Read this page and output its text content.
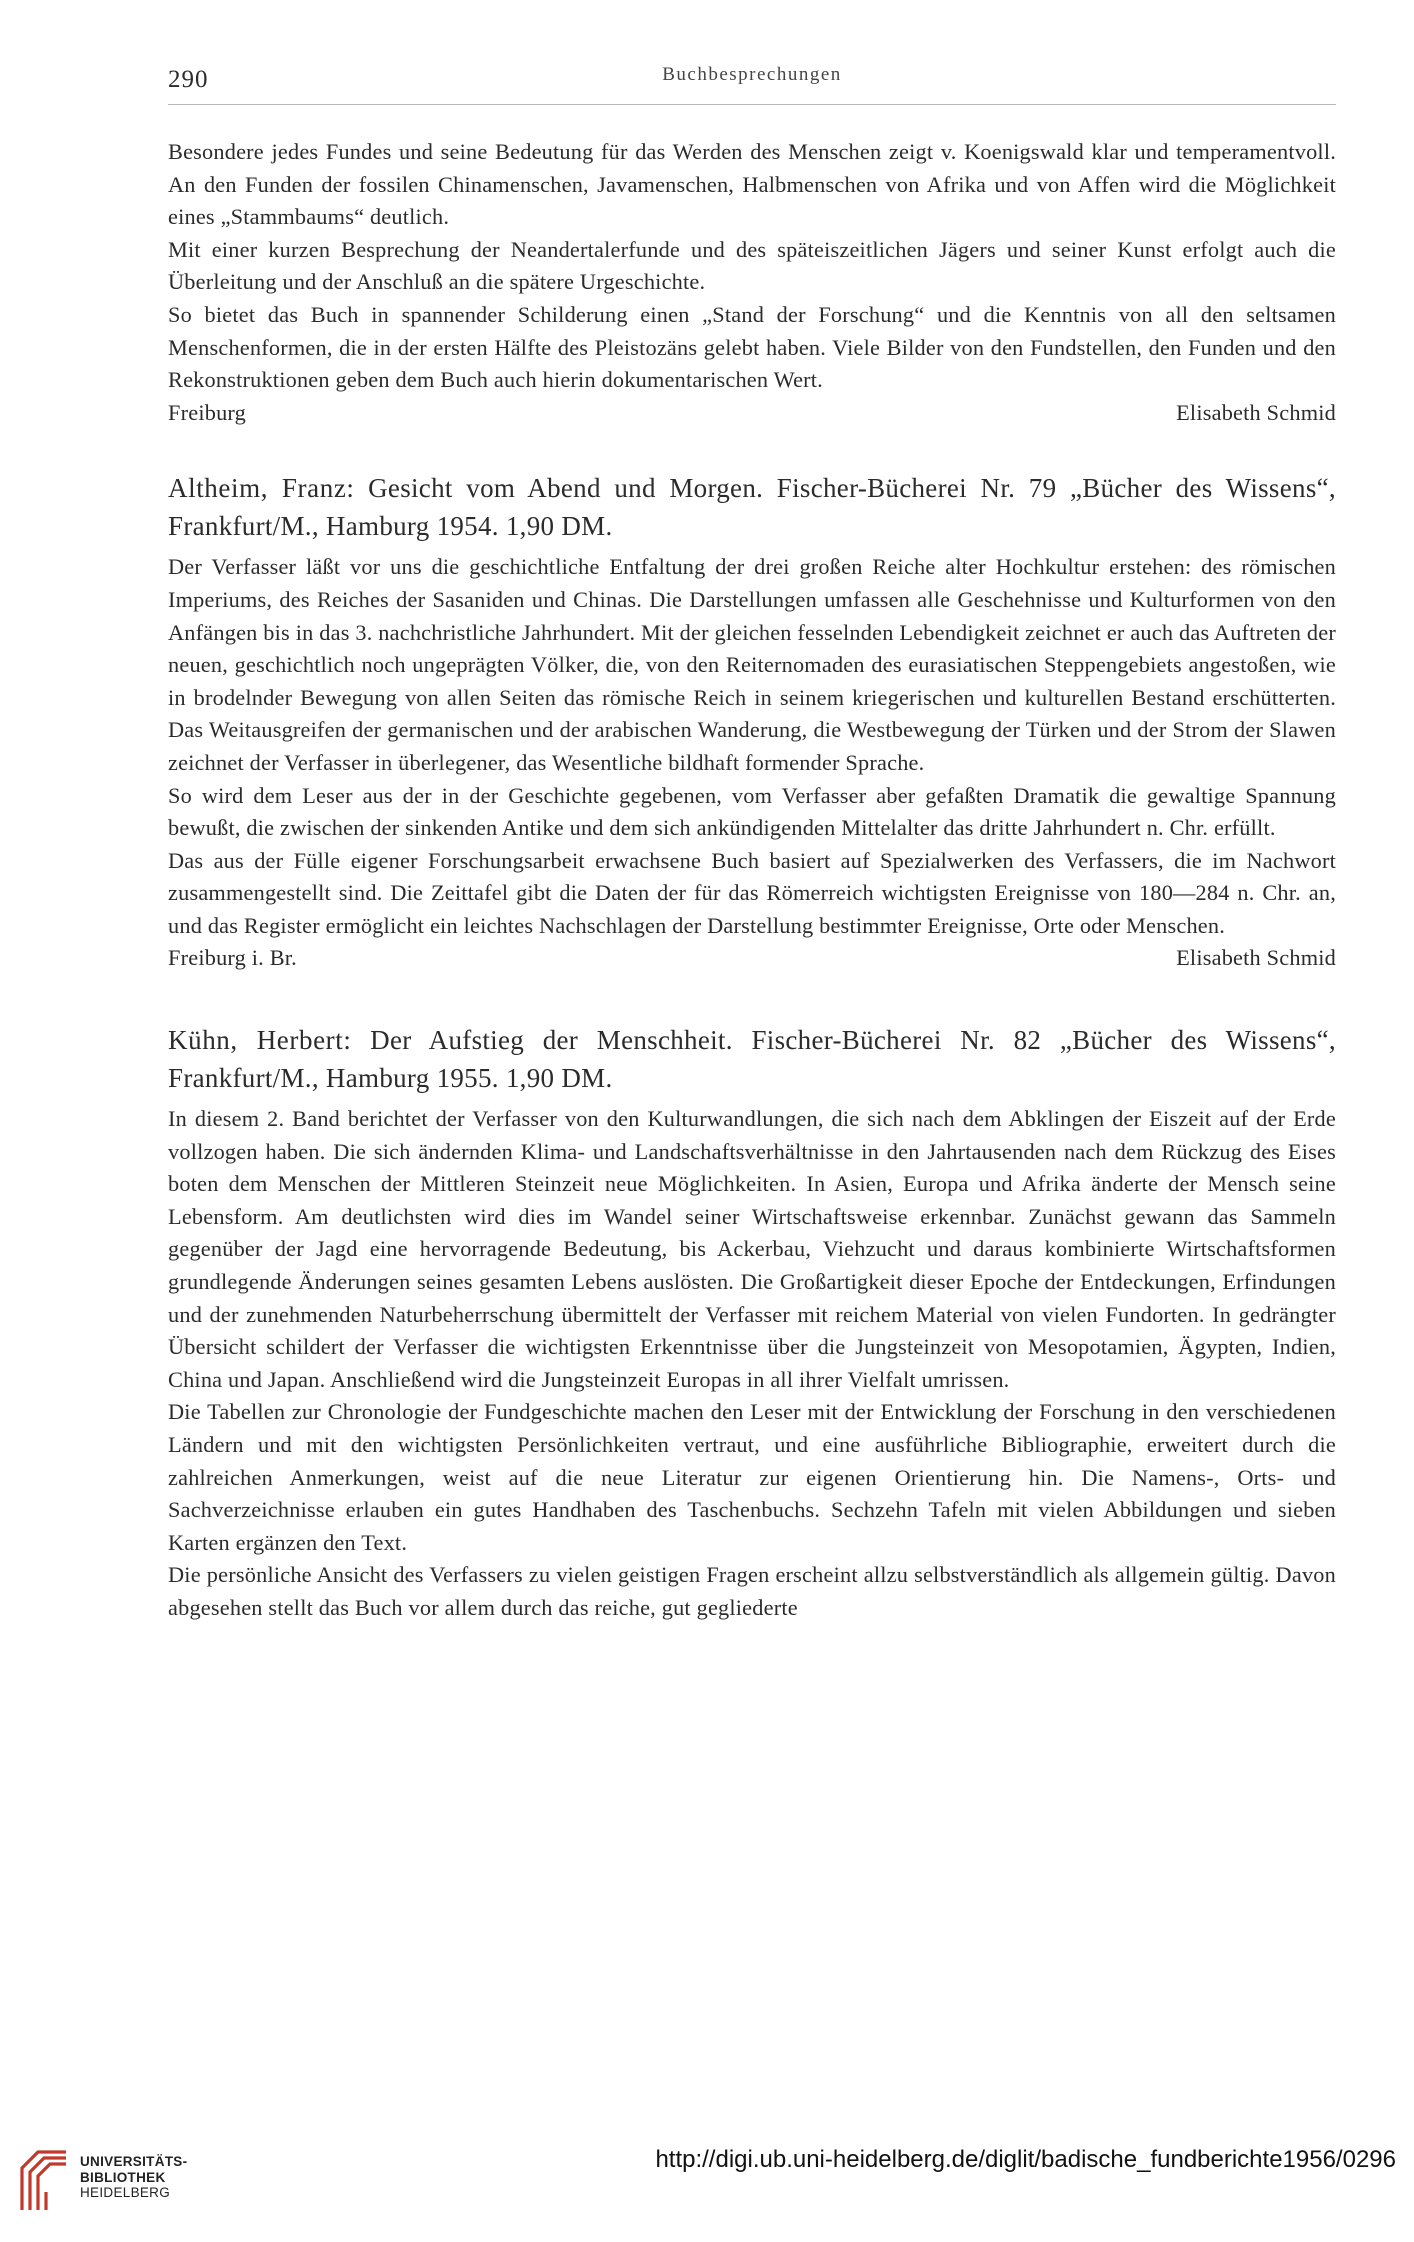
290	Buchbesprechungen

Besondere jedes Fundes und seine Bedeutung für das Werden des Menschen zeigt v. Koenigswald klar und temperamentvoll. An den Funden der fossilen Chinamenschen, Javamenschen, Halbmenschen von Afrika und von Affen wird die Möglichkeit eines „Stammbaums“ deutlich.

Mit einer kurzen Besprechung der Neandertalerfunde und des späteiszeitlichen Jägers und seiner Kunst erfolgt auch die Überleitung und der Anschluß an die spätere Urgeschichte.

So bietet das Buch in spannender Schilderung einen „Stand der Forschung“ und die Kenntnis von all den seltsamen Menschenformen, die in der ersten Hälfte des Pleistozäns gelebt haben. Viele Bilder von den Fundstellen, den Funden und den Rekonstruktionen geben dem Buch auch hierin dokumentarischen Wert.

Freiburg	Elisabeth Schmid

Altheim, Franz: Gesicht vom Abend und Morgen. Fischer-Bücherei Nr. 79 „Bücher des Wissens“, Frankfurt/M., Hamburg 1954. 1,90 DM.

Der Verfasser läßt vor uns die geschichtliche Entfaltung der drei großen Reiche alter Hochkultur erstehen: des römischen Imperiums, des Reiches der Sasaniden und Chinas. Die Darstellungen umfassen alle Geschehnisse und Kulturformen von den Anfängen bis in das 3. nachchristliche Jahrhundert. Mit der gleichen fesselnden Lebendigkeit zeichnet er auch das Auftreten der neuen, geschichtlich noch ungeprägten Völker, die, von den Reiternomaden des eurasiatischen Steppengebiets angestoßen, wie in brodelnder Bewegung von allen Seiten das römische Reich in seinem kriegerischen und kulturellen Bestand erschütterten. Das Weitausgreifen der germanischen und der arabischen Wanderung, die Westbewegung der Türken und der Strom der Slawen zeichnet der Verfasser in überlegener, das Wesentliche bildhaft formender Sprache.

So wird dem Leser aus der in der Geschichte gegebenen, vom Verfasser aber gefaßten Dramatik die gewaltige Spannung bewußt, die zwischen der sinkenden Antike und dem sich ankündigenden Mittelalter das dritte Jahrhundert n. Chr. erfüllt.

Das aus der Fülle eigener Forschungsarbeit erwachsene Buch basiert auf Spezialwerken des Verfassers, die im Nachwort zusammengestellt sind. Die Zeittafel gibt die Daten der für das Römerreich wichtigsten Ereignisse von 180—284 n. Chr. an, und das Register ermöglicht ein leichtes Nachschlagen der Darstellung bestimmter Ereignisse, Orte oder Menschen.

Freiburg i. Br.	Elisabeth Schmid

Kühn, Herbert: Der Aufstieg der Menschheit. Fischer-Bücherei Nr. 82 „Bücher des Wissens“, Frankfurt/M., Hamburg 1955. 1,90 DM.

In diesem 2. Band berichtet der Verfasser von den Kulturwandlungen, die sich nach dem Abklingen der Eiszeit auf der Erde vollzogen haben. Die sich ändernden Klima- und Landschaftsverhältnisse in den Jahrtausenden nach dem Rückzug des Eises boten dem Menschen der Mittleren Steinzeit neue Möglichkeiten. In Asien, Europa und Afrika änderte der Mensch seine Lebensform. Am deutlichsten wird dies im Wandel seiner Wirtschaftsweise erkennbar. Zunächst gewann das Sammeln gegenüber der Jagd eine hervorragende Bedeutung, bis Ackerbau, Viehzucht und daraus kombinierte Wirtschaftsformen grundlegende Änderungen seines gesamten Lebens auslösten. Die Großartigkeit dieser Epoche der Entdeckungen, Erfindungen und der zunehmenden Naturbeherrschung übermittelt der Verfasser mit reichem Material von vielen Fundorten. In gedrängter Übersicht schildert der Verfasser die wichtigsten Erkenntnisse über die Jungsteinzeit von Mesopotamien, Ägypten, Indien, China und Japan. Anschließend wird die Jungsteinzeit Europas in all ihrer Vielfalt umrissen.

Die Tabellen zur Chronologie der Fundgeschichte machen den Leser mit der Entwicklung der Forschung in den verschiedenen Ländern und mit den wichtigsten Persönlichkeiten vertraut, und eine ausführliche Bibliographie, erweitert durch die zahlreichen Anmerkungen, weist auf die neue Literatur zur eigenen Orientierung hin. Die Namens-, Orts- und Sachverzeichnisse erlauben ein gutes Handhaben des Taschenbuchs. Sechzehn Tafeln mit vielen Abbildungen und sieben Karten ergänzen den Text.

Die persönliche Ansicht des Verfassers zu vielen geistigen Fragen erscheint allzu selbstverständlich als allgemein gültig. Davon abgesehen stellt das Buch vor allem durch das reiche, gut gegliederte

UNIVERSITÄTS-
BIBLIOTHEK
HEIDELBERG
http://digi.ub.uni-heidelberg.de/diglit/badische_fundberichte1956/0296
